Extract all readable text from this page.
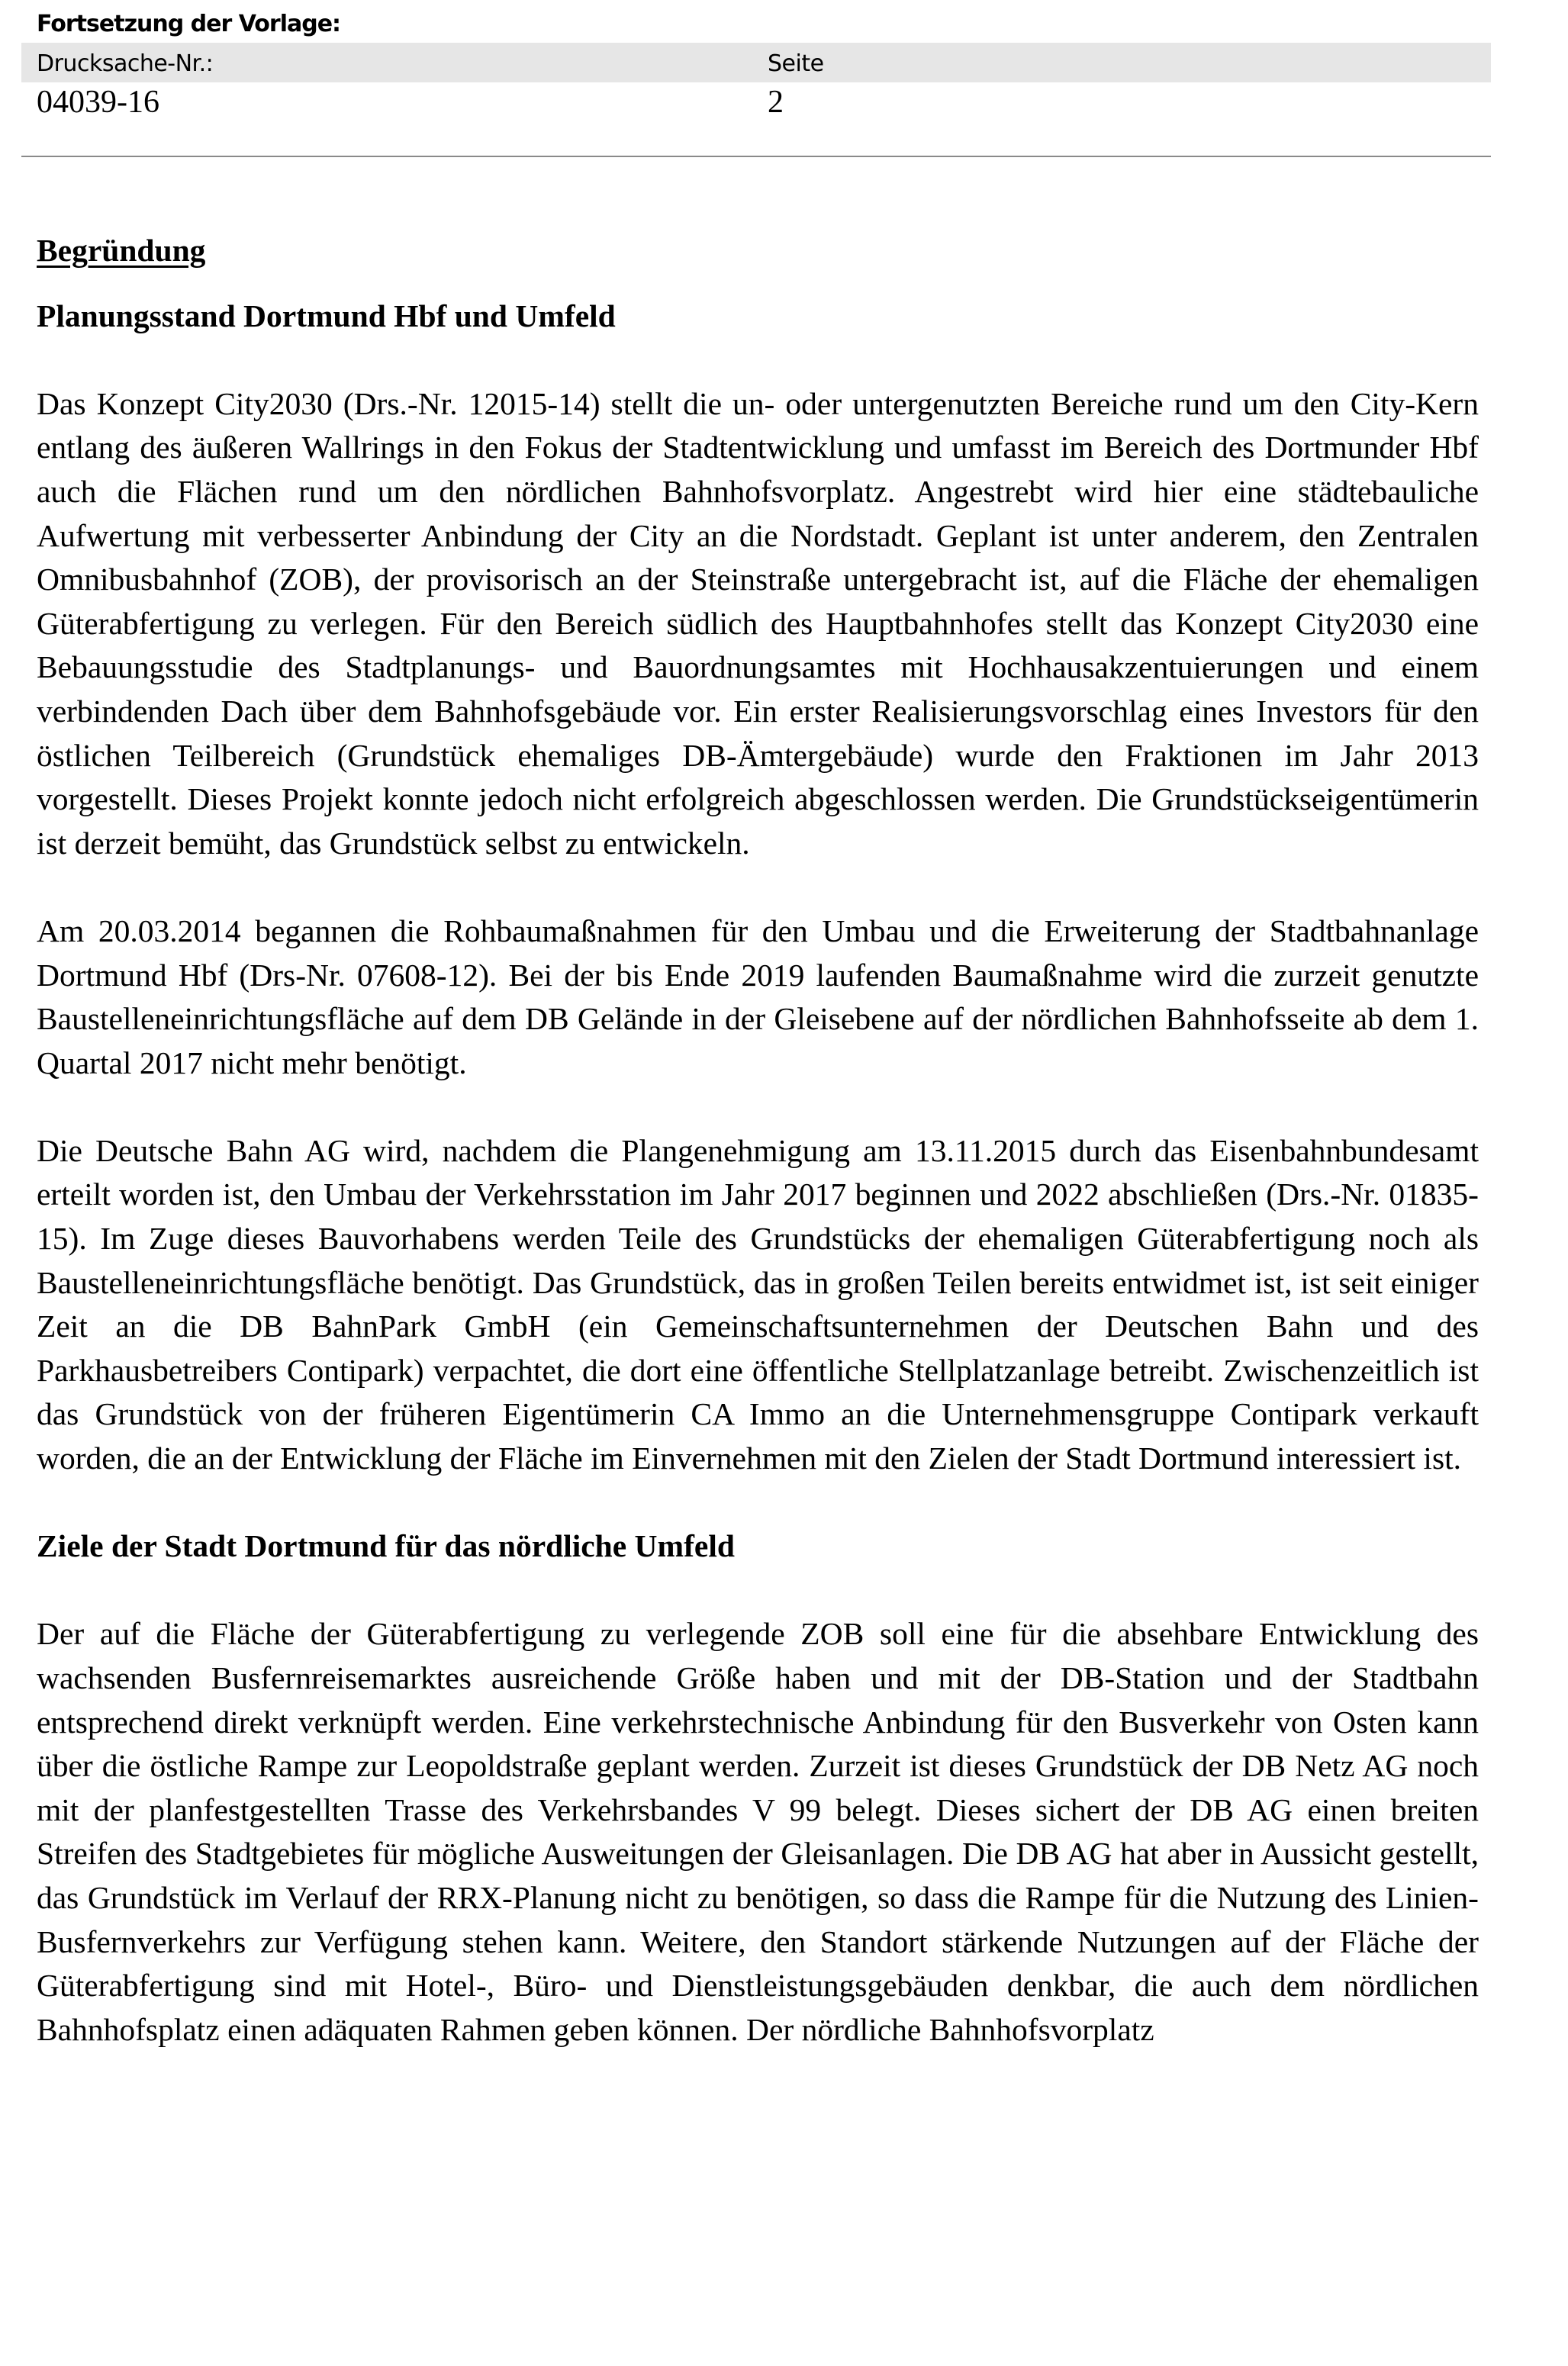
Fortsetzung der Vorlage:
Drucksache-Nr.:	Seite
04039-16	2
Begründung
Planungsstand Dortmund Hbf und Umfeld

Das Konzept City2030 (Drs.-Nr. 12015-14) stellt die un- oder untergenutzten Bereiche rund um den City-Kern entlang des äußeren Wallrings in den Fokus der Stadtentwicklung und umfasst im Bereich des Dortmunder Hbf auch die Flächen rund um den nördlichen Bahnhofsvorplatz. Angestrebt wird hier eine städtebauliche Aufwertung mit verbesserter Anbindung der City an die Nordstadt. Geplant ist unter anderem, den Zentralen Omnibusbahnhof (ZOB), der provisorisch an der Steinstraße untergebracht ist, auf die Fläche der ehemaligen Güterabfertigung zu verlegen. Für den Bereich südlich des Hauptbahnhofes stellt das Konzept City2030 eine Bebauungsstudie des Stadtplanungs- und Bauordnungsamtes mit Hochhausakzentuierungen und einem verbindenden Dach über dem Bahnhofsgebäude vor. Ein erster Realisierungsvorschlag eines Investors für den östlichen Teilbereich (Grundstück ehemaliges DB-Ämtergebäude) wurde den Fraktionen im Jahr 2013 vorgestellt. Dieses Projekt konnte jedoch nicht erfolgreich abgeschlossen werden. Die Grundstückseigentümerin ist derzeit bemüht, das Grundstück selbst zu entwickeln.

Am 20.03.2014 begannen die Rohbaumaßnahmen für den Umbau und die Erweiterung der Stadtbahnanlage Dortmund Hbf (Drs-Nr. 07608-12). Bei der bis Ende 2019 laufenden Baumaßnahme wird die zurzeit genutzte Baustelleneinrichtungsfläche auf dem DB Gelände in der Gleisebene auf der nördlichen Bahnhofsseite ab dem 1. Quartal 2017 nicht mehr benötigt.

Die Deutsche Bahn AG wird, nachdem die Plangenehmigung am 13.11.2015 durch das Eisenbahnbundesamt erteilt worden ist, den Umbau der Verkehrsstation im Jahr 2017 beginnen und 2022 abschließen (Drs.-Nr. 01835-15). Im Zuge dieses Bauvorhabens werden Teile des Grundstücks der ehemaligen Güterabfertigung noch als Baustelleneinrichtungsfläche benötigt. Das Grundstück, das in großen Teilen bereits entwidmet ist, ist seit einiger Zeit an die DB BahnPark GmbH (ein Gemeinschaftsunternehmen der Deutschen Bahn und des Parkhausbetreibers Contipark) verpachtet, die dort eine öffentliche Stellplatzanlage betreibt. Zwischenzeitlich ist das Grundstück von der früheren Eigentümerin CA Immo an die Unternehmensgruppe Contipark verkauft worden, die an der Entwicklung der Fläche im Einvernehmen mit den Zielen der Stadt Dortmund interessiert ist.

Ziele der Stadt Dortmund für das nördliche Umfeld

Der auf die Fläche der Güterabfertigung zu verlegende ZOB soll eine für die absehbare Entwicklung des wachsenden Busfernreisemarktes ausreichende Größe haben und mit der DB-Station und der Stadtbahn entsprechend direkt verknüpft werden. Eine verkehrstechnische Anbindung für den Busverkehr von Osten kann über die östliche Rampe zur Leopoldstraße geplant werden. Zurzeit ist dieses Grundstück der DB Netz AG noch mit der planfestgestellten Trasse des Verkehrsbandes V 99 belegt. Dieses sichert der DB AG einen breiten Streifen des Stadtgebietes für mögliche Ausweitungen der Gleisanlagen. Die DB AG hat aber in Aussicht gestellt, das Grundstück im Verlauf der RRX-Planung nicht zu benötigen, so dass die Rampe für die Nutzung des Linien-Busfernverkehrs zur Verfügung stehen kann. Weitere, den Standort stärkende Nutzungen auf der Fläche der Güterabfertigung sind mit Hotel-, Büro- und Dienstleistungsgebäuden denkbar, die auch dem nördlichen Bahnhofsplatz einen adäquaten Rahmen geben können. Der nördliche Bahnhofsvorplatz
